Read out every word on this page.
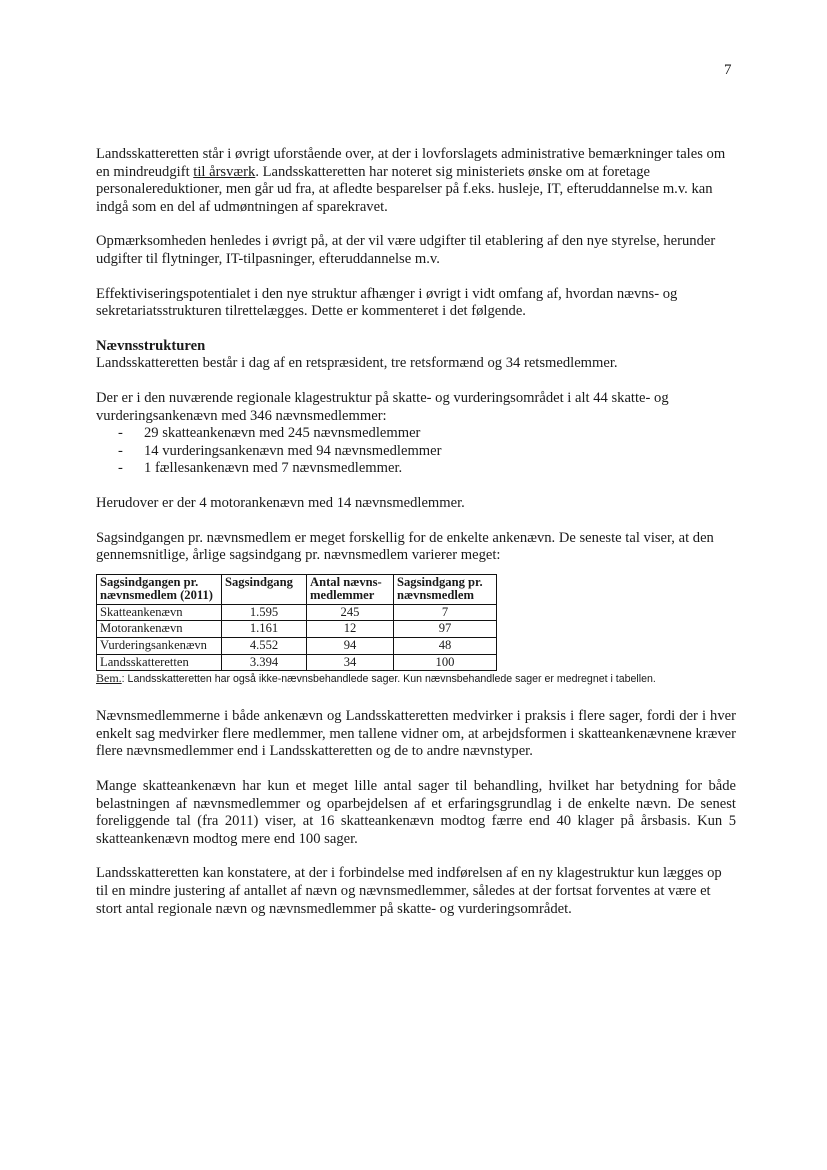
7

Landsskatteretten står i øvrigt uforstående over, at der i lovforslagets administrative bemærkninger tales om en mindreudgift til årsværk. Landsskatteretten har noteret sig ministeriets ønske om at foretage personalereduktioner, men går ud fra, at afledte besparelser på f.eks. husleje, IT, efteruddannelse m.v. kan indgå som en del af udmøntningen af sparekravet.

Opmærksomheden henledes i øvrigt på, at der vil være udgifter til etablering af den nye styrelse, herunder udgifter til flytninger, IT-tilpasninger, efteruddannelse m.v.

Effektiviseringspotentialet i den nye struktur afhænger i øvrigt i vidt omfang af, hvordan nævns- og sekretariatsstrukturen tilrettelægges. Dette er kommenteret i det følgende.

Nævnsstrukturen

Landsskatteretten består i dag af en retspræsident, tre retsformænd og 34 retsmedlemmer.

Der er i den nuværende regionale klagestruktur på skatte- og vurderingsområdet i alt 44 skatte- og vurderingsankenævn med 346 nævnsmedlemmer:

- 29 skatteankenævn med 245 nævnsmedlemmer
- 14 vurderingsankenævn med 94 nævnsmedlemmer
- 1 fællesankenævn med 7 nævnsmedlemmer.

Herudover er der 4 motorankenævn med 14 nævnsmedlemmer.

Sagsindgangen pr. nævnsmedlem er meget forskellig for de enkelte ankenævn. De seneste tal viser, at den gennemsnitlige, årlige sagsindgang pr. nævnsmedlem varierer meget:

Sagsindgangen pr. nævnsmedlem (2011)	Sagsindgang	Antal nævns-medlemmer	Sagsindgang pr. nævnsmedlem
Skatteankenævn	1.595	245	7
Motorankenævn	1.161	12	97
Vurderingsankenævn	4.552	94	48
Landsskatteretten	3.394	34	100
Bem.: Landsskatteretten har også ikke-nævnsbehandlede sager. Kun nævnsbehandlede sager er medregnet i tabellen.

Nævnsmedlemmerne i både ankenævn og Landsskatteretten medvirker i praksis i flere sager, fordi der i hver enkelt sag medvirker flere medlemmer, men tallene vidner om, at arbejdsformen i skatteankenævnene kræver flere nævnsmedlemmer end i Landsskatteretten og de to andre nævnstyper.

Mange skatteankenævn har kun et meget lille antal sager til behandling, hvilket har betydning for både belastningen af nævnsmedlemmer og oparbejdelsen af et erfaringsgrundlag i de enkelte nævn. De senest foreliggende tal (fra 2011) viser, at 16 skatteankenævn modtog færre end 40 klager på årsbasis. Kun 5 skatteankenævn modtog mere end 100 sager.

Landsskatteretten kan konstatere, at der i forbindelse med indførelsen af en ny klagestruktur kun lægges op til en mindre justering af antallet af nævn og nævnsmedlemmer, således at der fortsat forventes at være et stort antal regionale nævn og nævnsmedlemmer på skatte- og vurderingsområdet.
